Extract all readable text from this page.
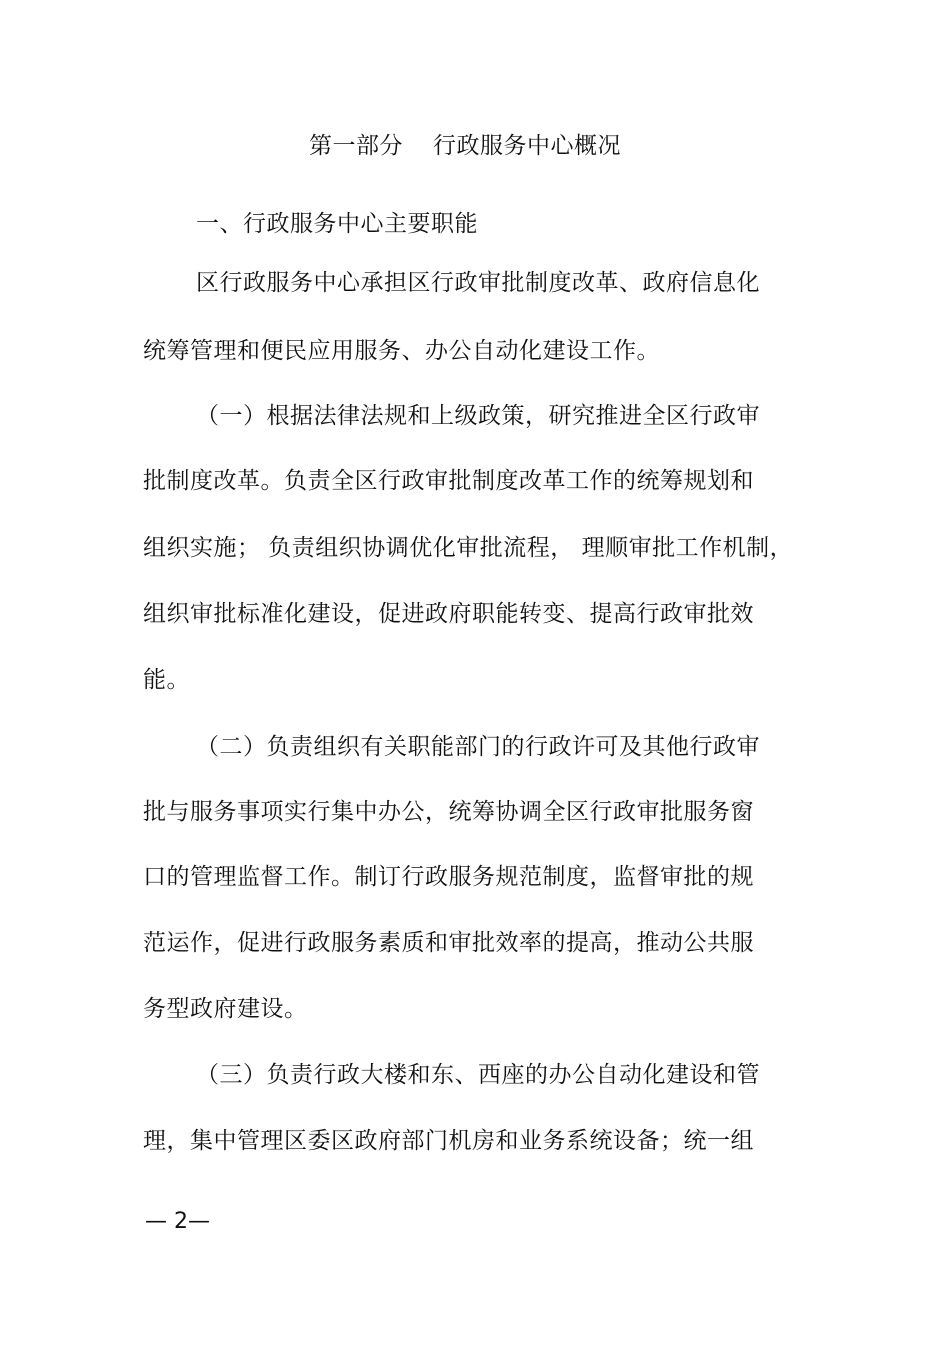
第一部分 行政服务中心概况
一、行政服务中心主要职能
区行政服务中心承担区行政审批制度改革、政府信息化
统筹管理和便民应用服务、办公自动化建设工作。
（一）根据法律法规和上级政策，研究推进全区行政审
批制度改革。负责全区行政审批制度改革工作的统筹规划和
组织实施； 负责组织协调优化审批流程， 理顺审批工作机制，
组织审批标准化建设，促进政府职能转变、提高行政审批效
能。
（二）负责组织有关职能部门的行政许可及其他行政审
批与服务事项实行集中办公，统筹协调全区行政审批服务窗
口的管理监督工作。制订行政服务规范制度，监督审批的规
范运作，促进行政服务素质和审批效率的提高，推动公共服
务型政府建设。
（三）负责行政大楼和东、西座的办公自动化建设和管
理，集中管理区委区政府部门机房和业务系统设备；统一组
— 2—
